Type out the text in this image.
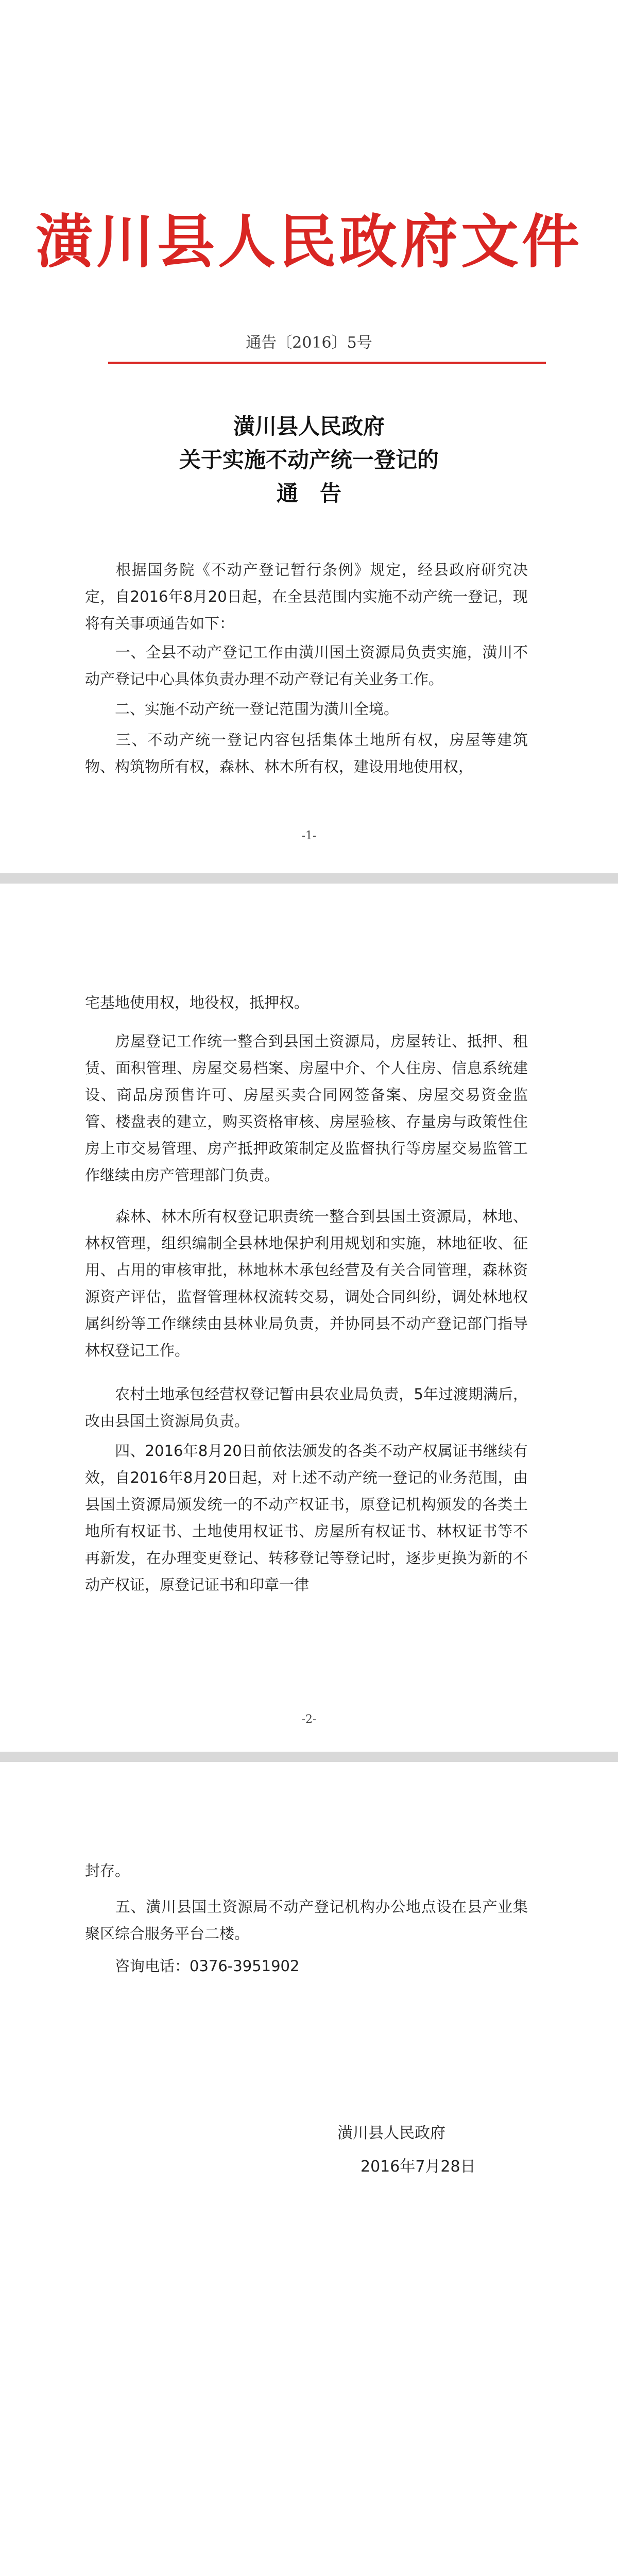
潢川县人民政府文件
通告〔2016〕5号
潢川县人民政府
关于实施不动产统一登记的
通　告
根据国务院《不动产登记暂行条例》规定，经县政府研究决定，自2016年8月20日起，在全县范围内实施不动产统一登记，现将有关事项通告如下：
一、全县不动产登记工作由潢川国土资源局负责实施，潢川不动产登记中心具体负责办理不动产登记有关业务工作。
二、实施不动产统一登记范围为潢川全境。
三、不动产统一登记内容包括集体土地所有权，房屋等建筑物、构筑物所有权，森林、林木所有权，建设用地使用权，
-1-
宅基地使用权，地役权，抵押权。
房屋登记工作统一整合到县国土资源局，房屋转让、抵押、租赁、面积管理、房屋交易档案、房屋中介、个人住房、信息系统建设、商品房预售许可、房屋买卖合同网签备案、房屋交易资金监管、楼盘表的建立，购买资格审核、房屋验核、存量房与政策性住房上市交易管理、房产抵押政策制定及监督执行等房屋交易监管工作继续由房产管理部门负责。
森林、林木所有权登记职责统一整合到县国土资源局，林地、林权管理，组织编制全县林地保护利用规划和实施，林地征收、征用、占用的审核审批，林地林木承包经营及有关合同管理，森林资源资产评估，监督管理林权流转交易，调处合同纠纷，调处林地权属纠纷等工作继续由县林业局负责，并协同县不动产登记部门指导林权登记工作。
农村土地承包经营权登记暂由县农业局负责，5年过渡期满后，改由县国土资源局负责。
四、2016年8月20日前依法颁发的各类不动产权属证书继续有效，自2016年8月20日起，对上述不动产统一登记的业务范围，由县国土资源局颁发统一的不动产权证书，原登记机构颁发的各类土地所有权证书、土地使用权证书、房屋所有权证书、林权证书等不再新发，在办理变更登记、转移登记等登记时，逐步更换为新的不动产权证，原登记证书和印章一律
-2-
封存。
五、潢川县国土资源局不动产登记机构办公地点设在县产业集聚区综合服务平台二楼。
咨询电话：0376-3951902
潢川县人民政府
2016年7月28日
